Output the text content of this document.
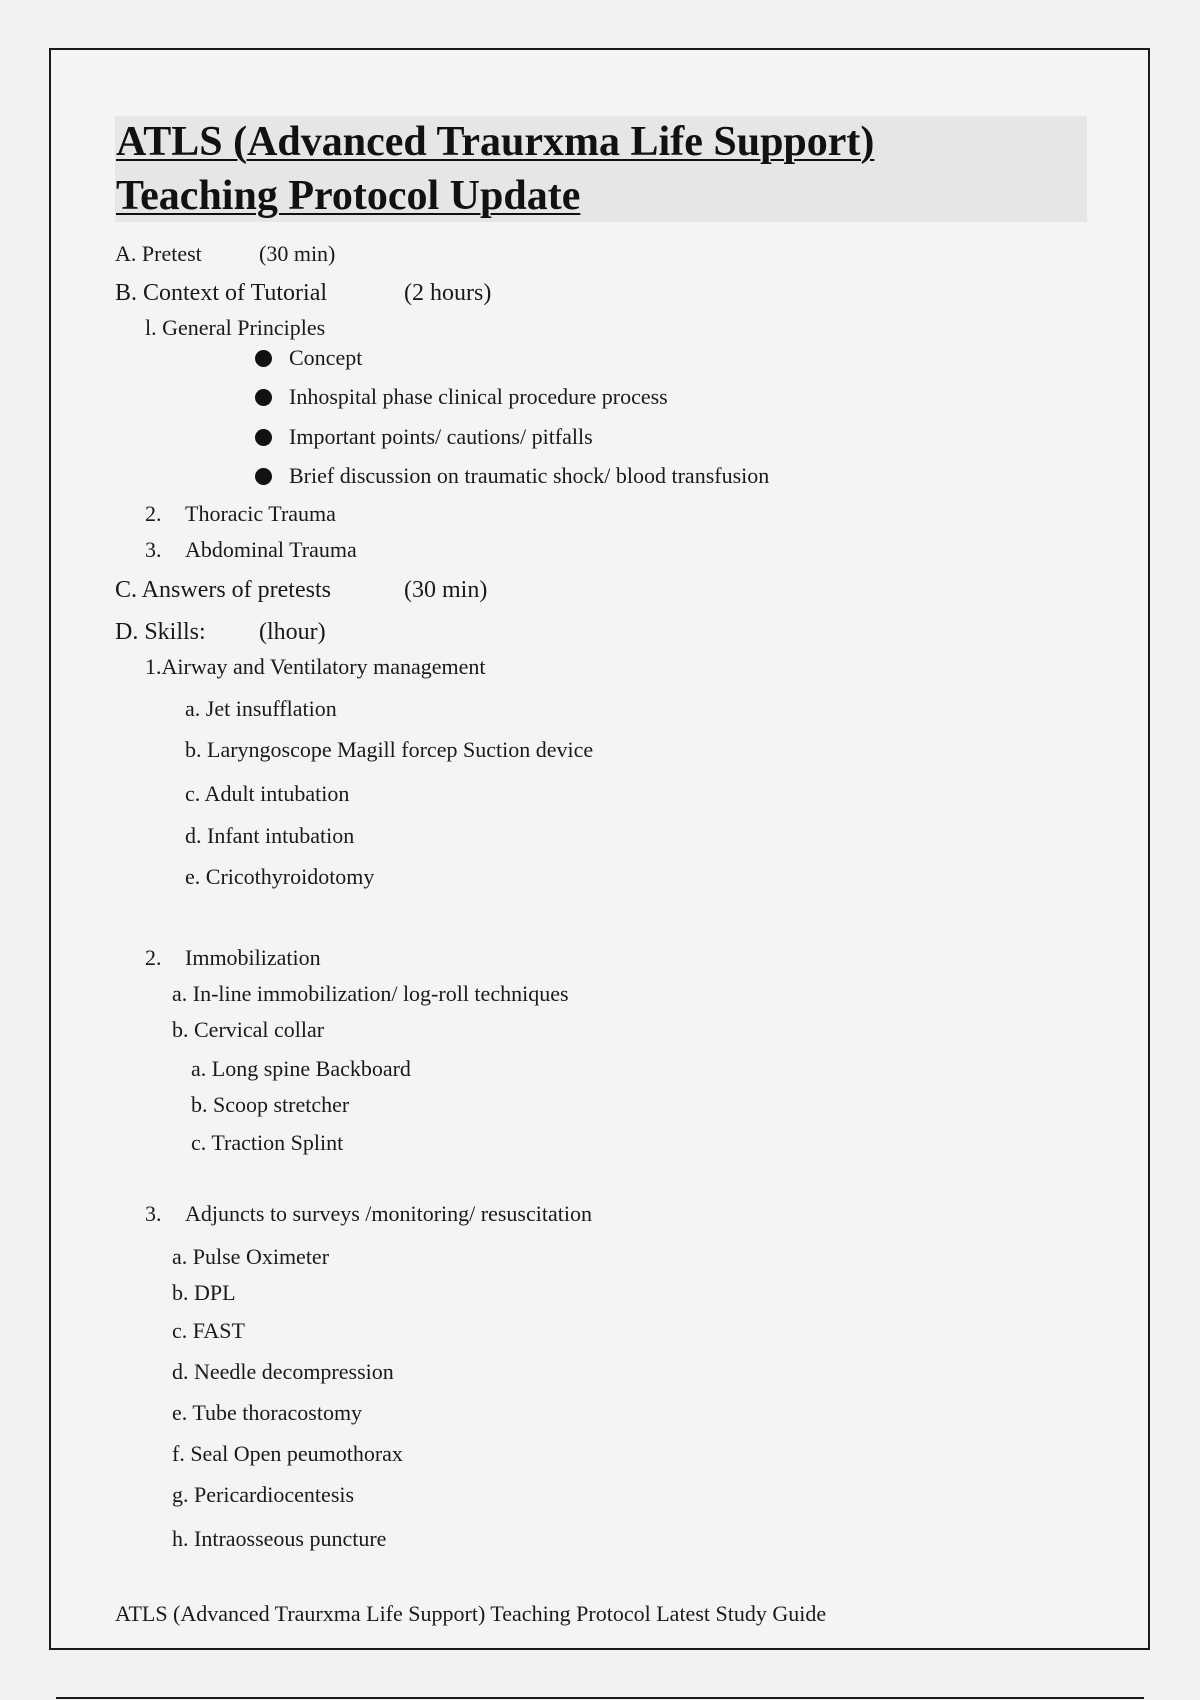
ATLS (Advanced Traurxma Life Support)
Teaching Protocol Update
A. Pretest	(30 min)
B. Context of Tutorial	(2 hours)
l. General Principles
Concept
Inhospital phase clinical procedure process
Important points/ cautions/ pitfalls
Brief discussion on traumatic shock/ blood transfusion
2. Thoracic Trauma
3. Abdominal Trauma
C. Answers of pretests	(30 min)
D. Skills: (lhour)
1.Airway and Ventilatory management
a. Jet insufflation
b. Laryngoscope Magill forcep Suction device
c. Adult intubation
d. Infant intubation
e. Cricothyroidotomy
2. Immobilization
a. In-line immobilization/ log-roll techniques
b. Cervical collar
a. Long spine Backboard
b. Scoop stretcher
c. Traction Splint
3. Adjuncts to surveys /monitoring/ resuscitation
a. Pulse Oximeter
b. DPL
c. FAST
d. Needle decompression
e. Tube thoracostomy
f. Seal Open peumothorax
g. Pericardiocentesis
h. Intraosseous puncture
ATLS (Advanced Traurxma Life Support) Teaching Protocol Latest Study Guide
